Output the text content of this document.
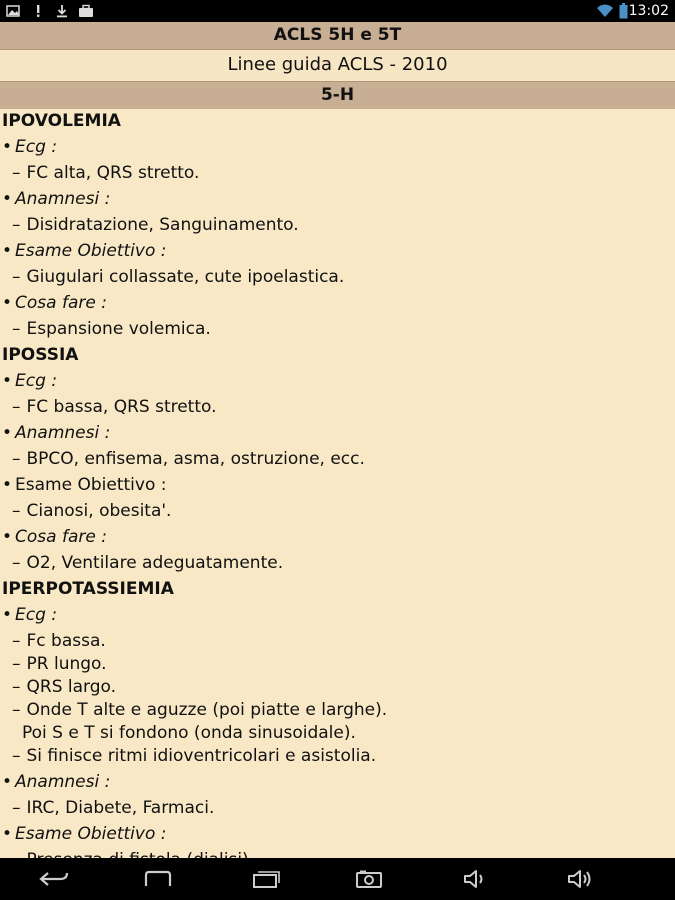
13:02
ACLS 5H e 5T
Linee guida ACLS - 2010
5-H
IPOVOLEMIA
• Ecg :
– FC alta, QRS stretto.
• Anamnesi :
– Disidratazione, Sanguinamento.
• Esame Obiettivo :
– Giugulari collassate, cute ipoelastica.
• Cosa fare :
– Espansione volemica.
IPOSSIA
• Ecg :
– FC bassa, QRS stretto.
• Anamnesi :
– BPCO, enfisema, asma, ostruzione, ecc.
• Esame Obiettivo :
– Cianosi, obesita'.
• Cosa fare :
– O2, Ventilare adeguatamente.
IPERPOTASSIEMIA
• Ecg :
– Fc bassa.
– PR lungo.
– QRS largo.
– Onde T alte e aguzze (poi piatte e larghe).
Poi S e T si fondono (onda sinusoidale).
– Si finisce ritmi idioventricolari e asistolia.
• Anamnesi :
– IRC, Diabete, Farmaci.
• Esame Obiettivo :
